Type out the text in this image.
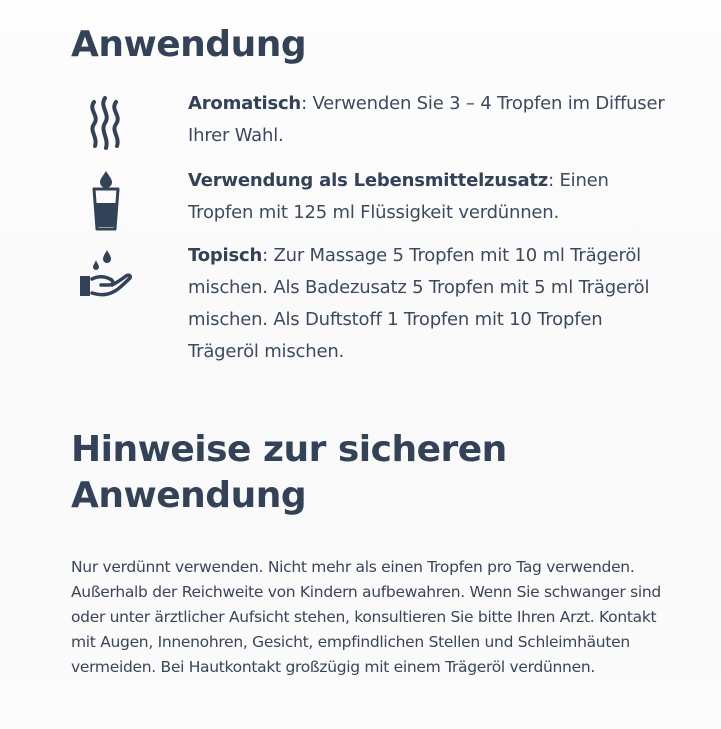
Anwendung
Aromatisch: Verwenden Sie 3 – 4 Tropfen im Diffuser Ihrer Wahl.
Verwendung als Lebensmittelzusatz: Einen Tropfen mit 125 ml Flüssigkeit verdünnen.
Topisch: Zur Massage 5 Tropfen mit 10 ml Trägeröl mischen. Als Badezusatz 5 Tropfen mit 5 ml Trägeröl mischen. Als Duftstoff 1 Tropfen mit 10 Tropfen Trägeröl mischen.
Hinweise zur sicheren Anwendung

Nur verdünnt verwenden. Nicht mehr als einen Tropfen pro Tag verwenden. Außerhalb der Reichweite von Kindern aufbewahren. Wenn Sie schwanger sind oder unter ärztlicher Aufsicht stehen, konsultieren Sie bitte Ihren Arzt. Kontakt mit Augen, Innenohren, Gesicht, empfindlichen Stellen und Schleimhäuten vermeiden. Bei Hautkontakt großzügig mit einem Trägeröl verdünnen.
